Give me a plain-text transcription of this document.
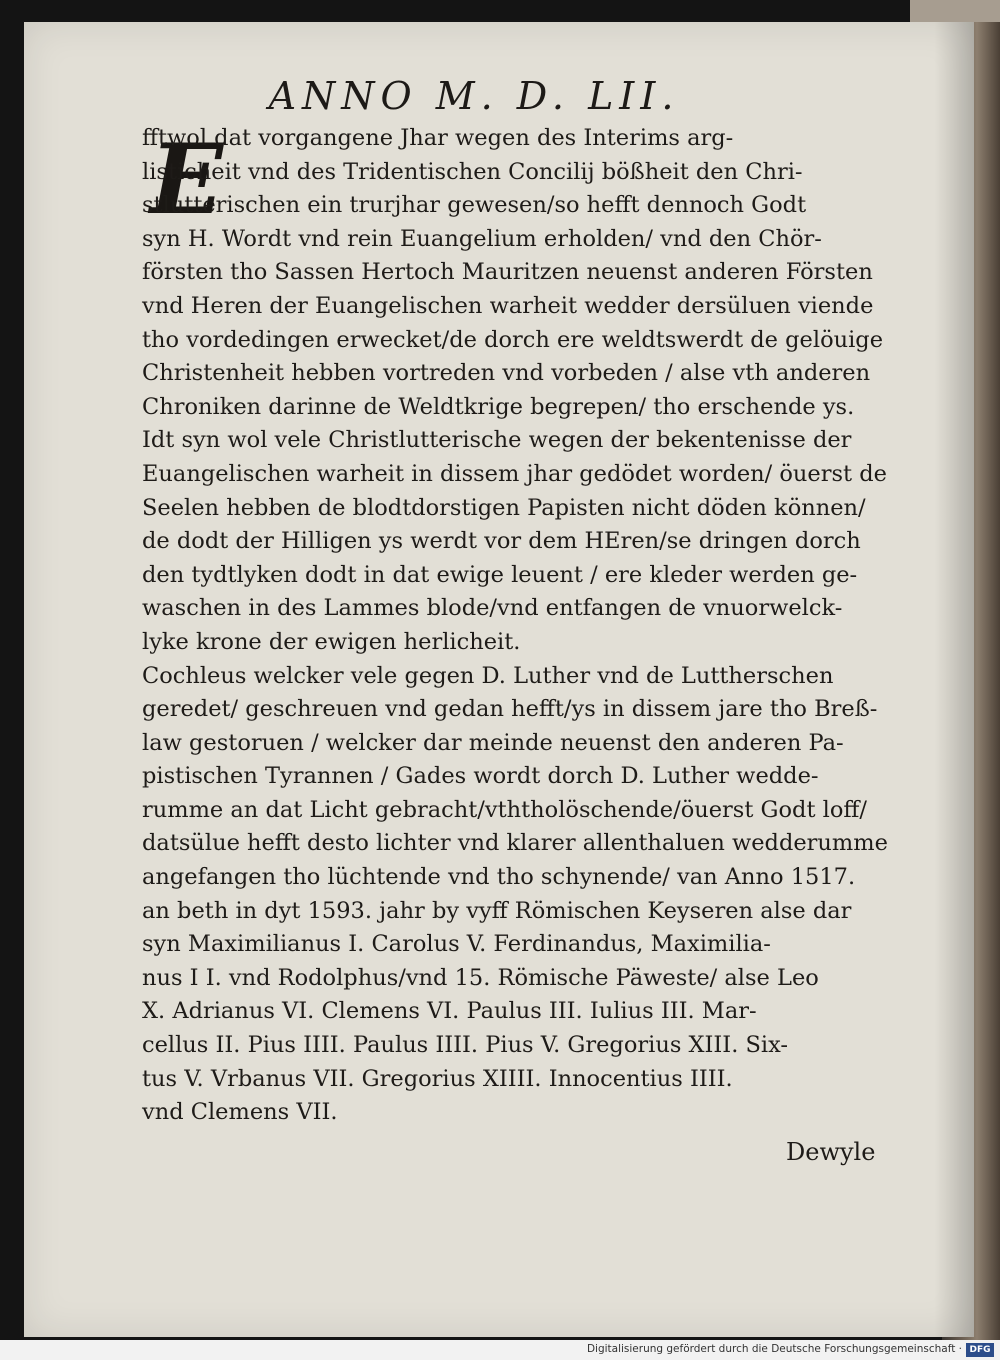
ANNO M. D. LII.
E
fftwol dat vorgangene Jhar wegen des Interims arg-
listicheit vnd des Tridentischen Concilij bößheit den Chri-
stlutterischen ein trurjhar gewesen/so hefft dennoch Godt
syn H. Wordt vnd rein Euangelium erholden/ vnd den Chör-
försten tho Sassen Hertoch Mauritzen neuenst anderen Försten
vnd Heren der Euangelischen warheit wedder dersüluen viende
tho vordedingen erwecket/de dorch ere weldtswerdt de gelöuige
Christenheit hebben vortreden vnd vorbeden / alse vth anderen
Chroniken darinne de Weldtkrige begrepen/ tho erschende ys.
Idt syn wol vele Christlutterische wegen der bekentenisse der
Euangelischen warheit in dissem jhar gedödet worden/ öuerst de
Seelen hebben de blodtdorstigen Papisten nicht döden können/
de dodt der Hilligen ys werdt vor dem HEren/se dringen dorch
den tydtlyken dodt in dat ewige leuent / ere kleder werden ge-
waschen in des Lammes blode/vnd entfangen de vnuorwelck-
lyke krone der ewigen herlicheit.
Cochleus welcker vele gegen D. Luther vnd de Luttherschen
geredet/ geschreuen vnd gedan hefft/ys in dissem jare tho Breß-
law gestoruen / welcker dar meinde neuenst den anderen Pa-
pistischen Tyrannen / Gades wordt dorch D. Luther wedde-
rumme an dat Licht gebracht/vththolöschende/öuerst Godt loff/
datsülue hefft desto lichter vnd klarer allenthaluen wedderumme
angefangen tho lüchtende vnd tho schynende/ van Anno 1517.
an beth in dyt 1593. jahr by vyff Römischen Keyseren alse dar
syn Maximilianus I. Carolus V. Ferdinandus, Maximilia-
nus I I. vnd Rodolphus/vnd 15. Römische Päweste/ alse Leo
X. Adrianus VI. Clemens VI. Paulus III. Iulius III. Mar-
cellus II. Pius IIII. Paulus IIII. Pius V. Gregorius XIII. Six-
tus V. Vrbanus VII. Gregorius XIIII. Innocentius IIII.
vnd Clemens VII.
Dewyle
Digitalisierung gefördert durch die Deutsche Forschungsgemeinschaft · DFG
